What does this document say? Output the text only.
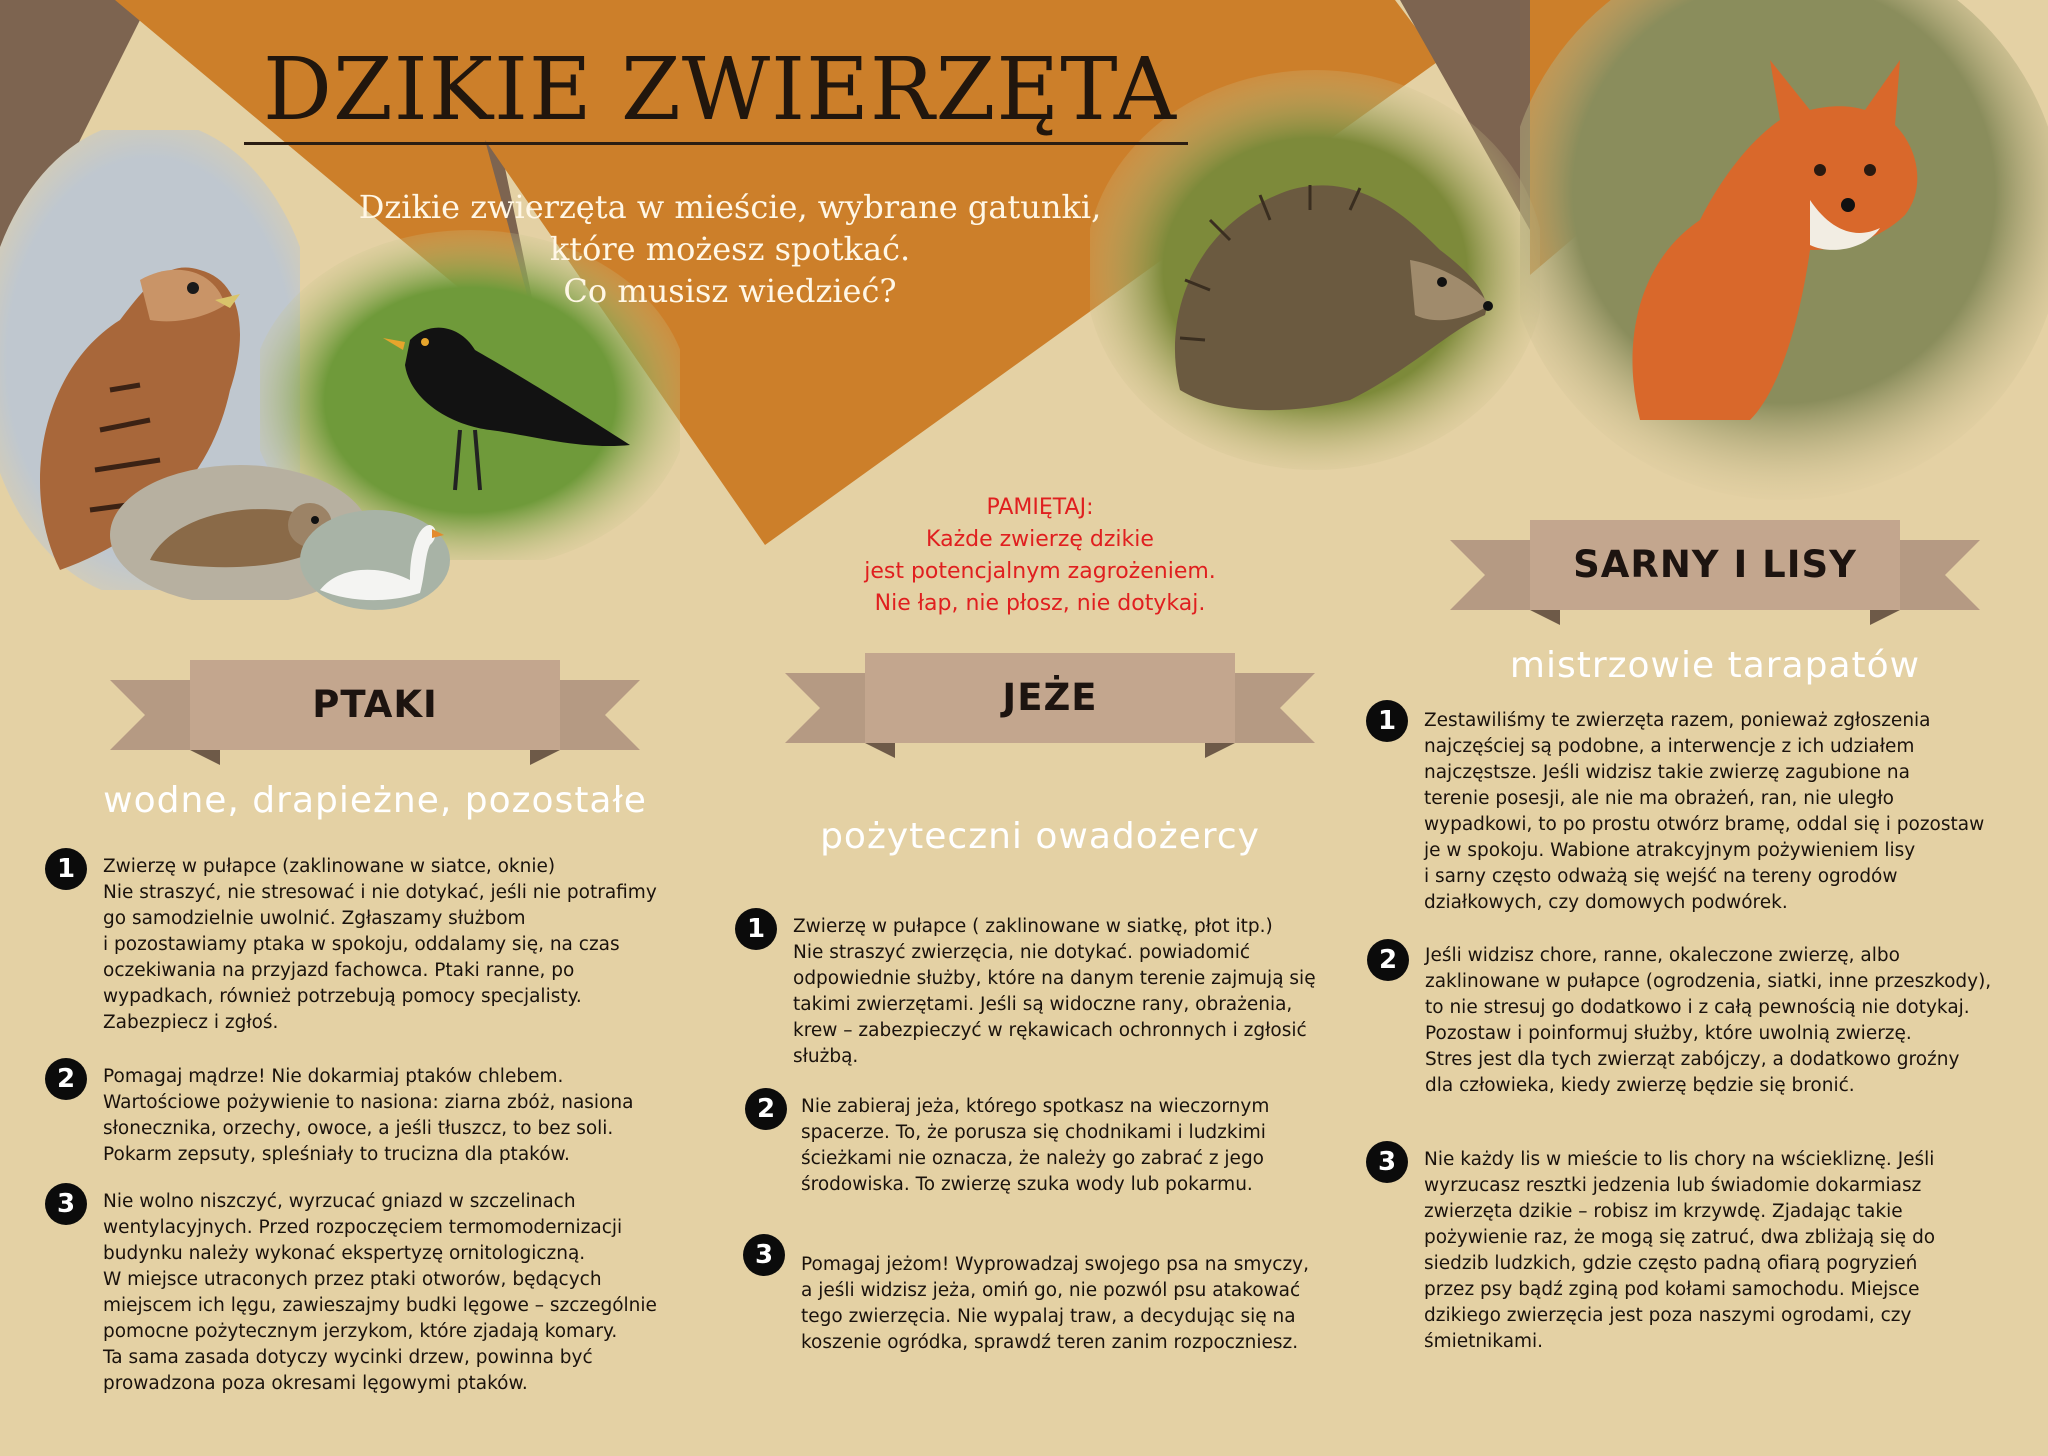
DZIKIE ZWIERZĘTA
Dzikie zwierzęta w mieście, wybrane gatunki,
które możesz spotkać.
Co musisz wiedzieć?
PAMIĘTAJ:
Każde zwierzę dzikie
jest potencjalnym zagrożeniem.
Nie łap, nie płosz, nie dotykaj.
PTAKI
wodne, drapieżne, pozostałe
1	Zwierzę w pułapce (zaklinowane w siatce, oknie)
Nie straszyć, nie stresować i nie dotykać, jeśli nie potrafimy
go samodzielnie uwolnić. Zgłaszamy służbom
i pozostawiamy ptaka w spokoju, oddalamy się, na czas
oczekiwania na przyjazd fachowca. Ptaki ranne, po
wypadkach, również potrzebują pomocy specjalisty.
Zabezpiecz i zgłoś.
2	Pomagaj mądrze! Nie dokarmiaj ptaków chlebem.
Wartościowe pożywienie to nasiona: ziarna zbóż, nasiona
słonecznika, orzechy, owoce, a jeśli tłuszcz, to bez soli.
Pokarm zepsuty, spleśniały to trucizna dla ptaków.
3	Nie wolno niszczyć, wyrzucać gniazd w szczelinach
wentylacyjnych. Przed rozpoczęciem termomodernizacji
budynku należy wykonać ekspertyzę ornitologiczną.
W miejsce utraconych przez ptaki otworów, będących
miejscem ich lęgu, zawieszajmy budki lęgowe – szczególnie
pomocne pożytecznym jerzykom, które zjadają komary.
Ta sama zasada dotyczy wycinki drzew, powinna być
prowadzona poza okresami lęgowymi ptaków.
JEŻE
pożyteczni owadożercy
1	Zwierzę w pułapce ( zaklinowane w siatkę, płot itp.)
Nie straszyć zwierzęcia, nie dotykać. powiadomić
odpowiednie służby, które na danym terenie zajmują się
takimi zwierzętami. Jeśli są widoczne rany, obrażenia,
krew – zabezpieczyć w rękawicach ochronnych i zgłosić
służbą.
2	Nie zabieraj jeża, którego spotkasz na wieczornym
spacerze. To, że porusza się chodnikami i ludzkimi
ścieżkami nie oznacza, że należy go zabrać z jego
środowiska. To zwierzę szuka wody lub pokarmu.
3	Pomagaj jeżom! Wyprowadzaj swojego psa na smyczy,
a jeśli widzisz jeża, omiń go, nie pozwól psu atakować
tego zwierzęcia. Nie wypalaj traw, a decydując się na
koszenie ogródka, sprawdź teren zanim rozpoczniesz.
SARNY I LISY
mistrzowie tarapatów
1	Zestawiliśmy te zwierzęta razem, ponieważ zgłoszenia
najczęściej są podobne, a interwencje z ich udziałem
najczęstsze. Jeśli widzisz takie zwierzę zagubione na
terenie posesji, ale nie ma obrażeń, ran, nie uległo
wypadkowi, to po prostu otwórz bramę, oddal się i pozostaw
je w spokoju. Wabione atrakcyjnym pożywieniem lisy
i sarny często odważą się wejść na tereny ogrodów
działkowych, czy domowych podwórek.
2	Jeśli widzisz chore, ranne, okaleczone zwierzę, albo
zaklinowane w pułapce (ogrodzenia, siatki, inne przeszkody),
to nie stresuj go dodatkowo i z całą pewnością nie dotykaj.
Pozostaw i poinformuj służby, które uwolnią zwierzę.
Stres jest dla tych zwierząt zabójczy, a dodatkowo groźny
dla człowieka, kiedy zwierzę będzie się bronić.
3	Nie każdy lis w mieście to lis chory na wściekliznę. Jeśli
wyrzucasz resztki jedzenia lub świadomie dokarmiasz
zwierzęta dzikie – robisz im krzywdę. Zjadając takie
pożywienie raz, że mogą się zatruć, dwa zbliżają się do
siedzib ludzkich, gdzie często padną ofiarą pogryzień
przez psy bądź zginą pod kołami samochodu. Miejsce
dzikiego zwierzęcia jest poza naszymi ogrodami, czy
śmietnikami.
